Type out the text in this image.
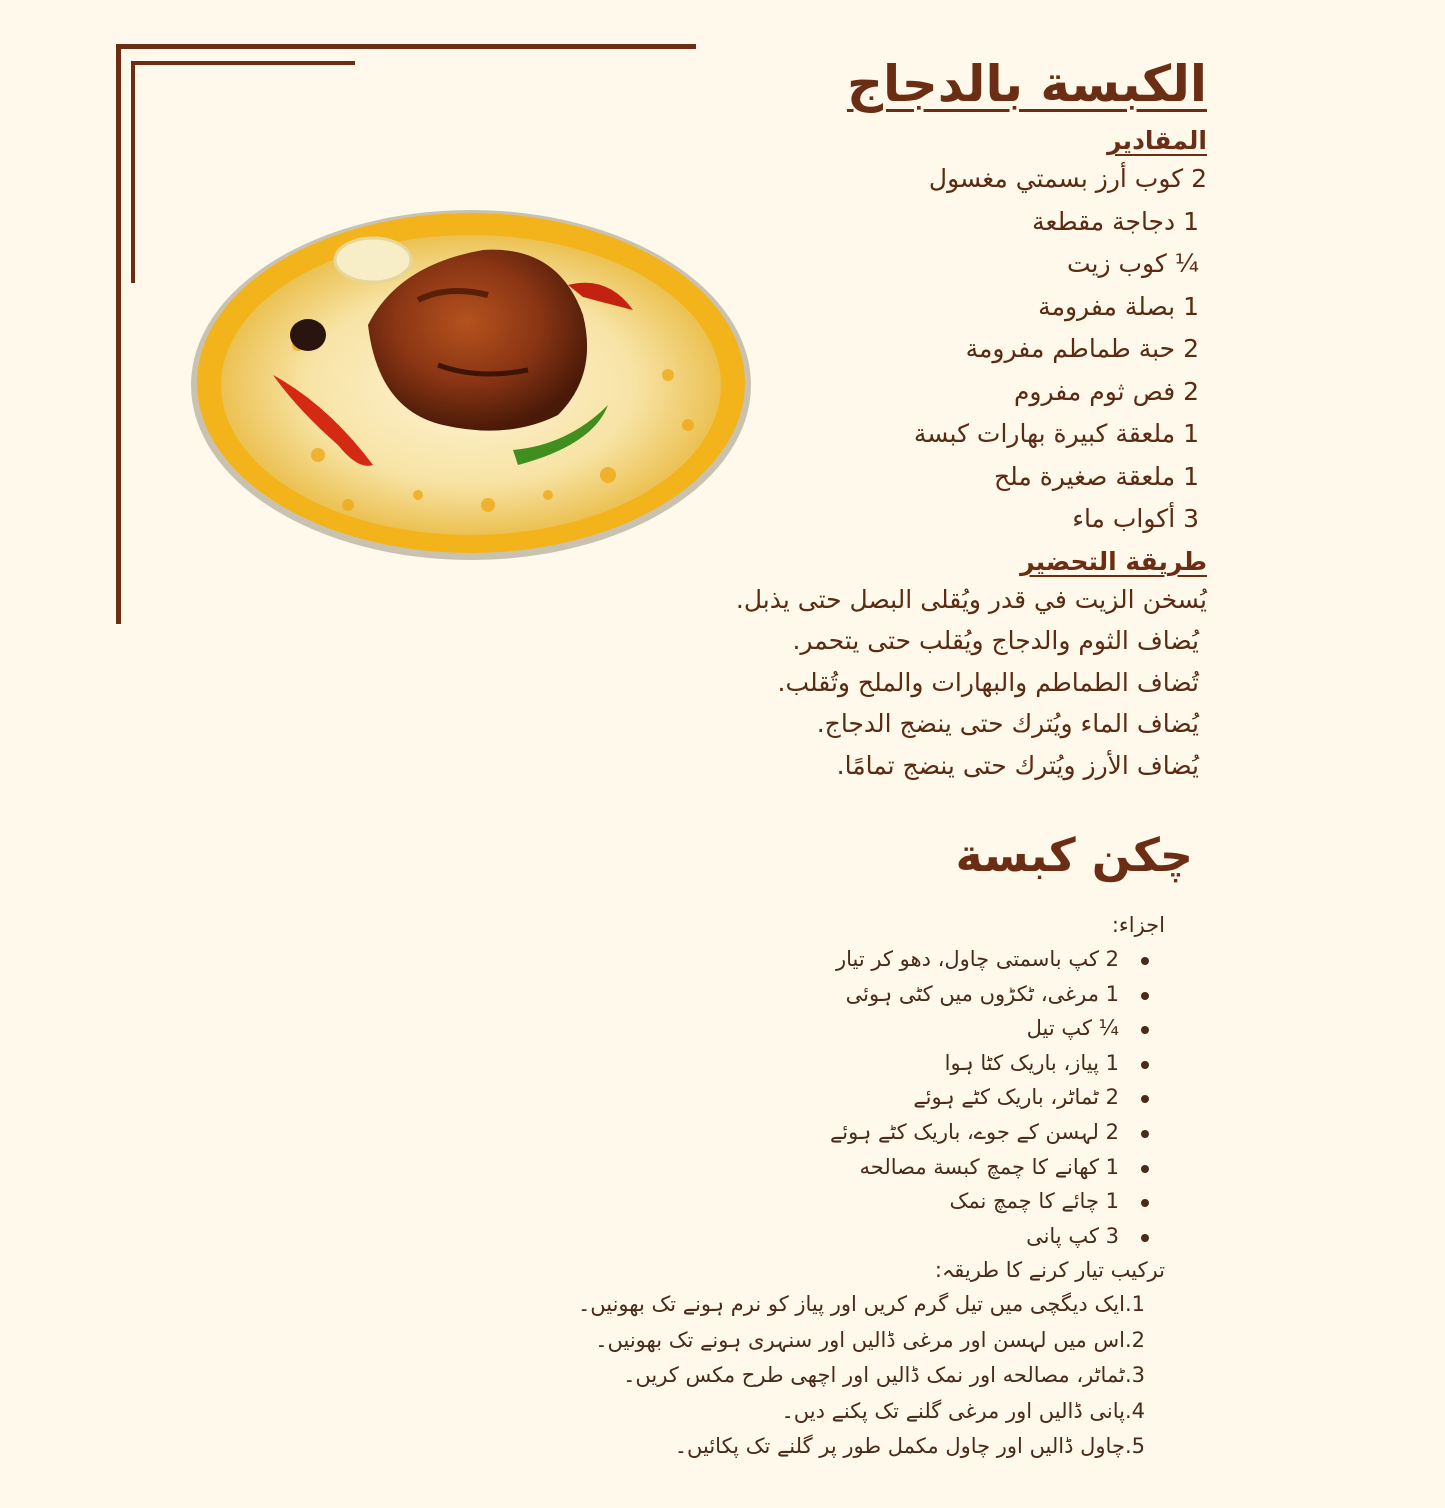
الكبسة بالدجاج
المقادير
2 كوب أرز بسمتي مغسول
1 دجاجة مقطعة
¼ كوب زيت
1 بصلة مفرومة
2 حبة طماطم مفرومة
2 فص ثوم مفروم
1 ملعقة كبيرة بهارات كبسة
1 ملعقة صغيرة ملح
3 أكواب ماء
طريقة التحضير
يُسخن الزيت في قدر ويُقلى البصل حتى يذبل.
يُضاف الثوم والدجاج ويُقلب حتى يتحمر.
تُضاف الطماطم والبهارات والملح وتُقلب.
يُضاف الماء ويُترك حتى ينضج الدجاج.
يُضاف الأرز ويُترك حتى ينضج تمامًا.
چکن کبسة

اجزاء:

2 کپ باسمتی چاول، دھو کر تیار
1 مرغی، ٹکڑوں میں کٹی ہوئی
¼ کپ تیل
1 پیاز، باریک کٹا ہوا
2 ٹماٹر، باریک کٹے ہوئے
2 لہسن کے جوے، باریک کٹے ہوئے
1 کھانے کا چمچ کبسة مصالحه
1 چائے کا چمچ نمک
3 کپ پانی

ترکیب تیار کرنے کا طریقہ:

1.ایک دیگچی میں تیل گرم کریں اور پیاز کو نرم ہونے تک بھونیں۔
2.اس میں لہسن اور مرغی ڈالیں اور سنہری ہونے تک بھونیں۔
3.ٹماٹر، مصالحه اور نمک ڈالیں اور اچھی طرح مکس کریں۔
4.پانی ڈالیں اور مرغی گلنے تک پکنے دیں۔
5.چاول ڈالیں اور چاول مکمل طور پر گلنے تک پکائیں۔
